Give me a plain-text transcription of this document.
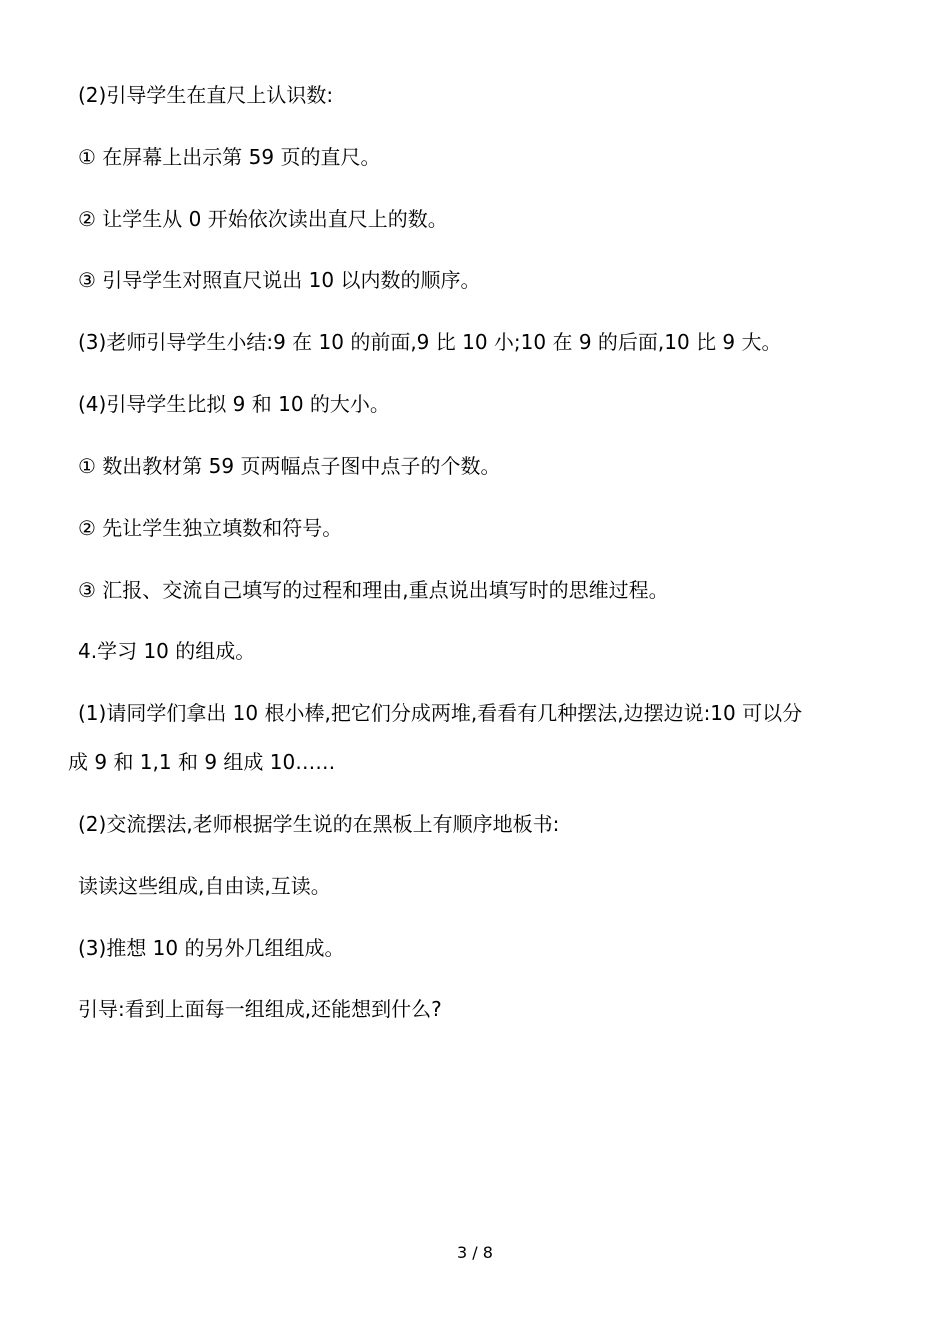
(2)引导学生在直尺上认识数:
① 在屏幕上出示第 59 页的直尺。
② 让学生从 0 开始依次读出直尺上的数。
③ 引导学生对照直尺说出 10 以内数的顺序。
(3)老师引导学生小结:9 在 10 的前面,9 比 10 小;10 在 9 的后面,10 比 9 大。
(4)引导学生比拟 9 和 10 的大小。
① 数出教材第 59 页两幅点子图中点子的个数。
② 先让学生独立填数和符号。
③ 汇报、交流自己填写的过程和理由,重点说出填写时的思维过程。
4.学习 10 的组成。
(1)请同学们拿出 10 根小棒,把它们分成两堆,看看有几种摆法,边摆边说:10 可以分
成 9 和 1,1 和 9 组成 10……
(2)交流摆法,老师根据学生说的在黑板上有顺序地板书:
读读这些组成,自由读,互读。
(3)推想 10 的另外几组组成。
引导:看到上面每一组组成,还能想到什么?
3 / 8
